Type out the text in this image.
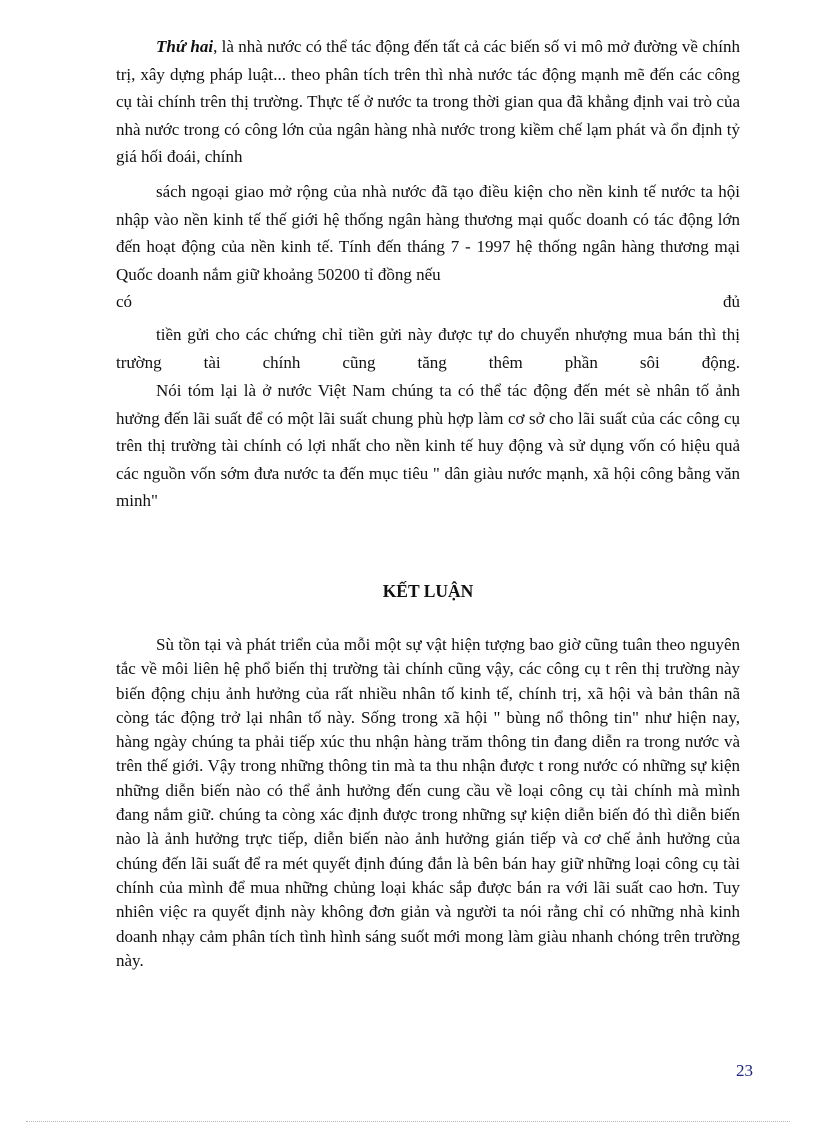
Thứ hai, là nhà nước có thể tác động đến tất cả các biến số vi mô mở đường về chính trị, xây dựng pháp luật... theo phân tích trên thì nhà nước tác động mạnh mẽ đến các công cụ tài chính trên thị trường. Thực tế ở nước ta trong thời gian qua đã khẳng định vai trò của nhà nước trong có công lớn của ngân hàng nhà nước trong kiềm chế lạm phát và ổn định tỷ giá hối đoái, chính

sách ngoại giao mở rộng của nhà nước đã tạo điều kiện cho nền kinh tế nước ta hội nhập vào nền kinh tế thế giới hệ thống ngân hàng thương mại quốc doanh có tác động lớn đến hoạt động của nền kinh tế. Tính đến tháng 7 - 1997 hệ thống ngân hàng thương mại Quốc doanh nắm giữ khoảng 50200 tỉ đồng nếu

có đủ

tiền gửi cho các chứng chỉ tiền gửi này được tự do chuyển nhượng mua bán thì thị trường tài chính cũng tăng thêm phần sôi động.

Nói tóm lại là ở nước Việt Nam chúng ta có thể tác động đến mét sè nhân tố ảnh hưởng đến lãi suất để có một lãi suất chung phù hợp làm cơ sở cho lãi suất của các công cụ trên thị trường tài chính có lợi nhất cho nền kinh tế huy động và sử dụng vốn có hiệu quả các nguồn vốn sớm đưa nước ta đến mục tiêu " dân giàu nước mạnh, xã hội công bằng văn minh"

KẾT LUẬN

Sù tồn tại và phát triển của mỗi một sự vật hiện tượng bao giờ cũng tuân theo nguyên tắc về môi liên hệ phổ biến thị trường tài chính cũng vậy, các công cụ t rên thị trường này biến động chịu ảnh hưởng của rất nhiều nhân tố kinh tế, chính trị, xã hội và bản thân nã còng tác động trở lại nhân tố này. Sống trong xã hội " bùng nổ thông tin" như hiện nay, hàng ngày chúng ta phải tiếp xúc thu nhận hàng trăm thông tin đang diễn ra trong nước và trên thế giới. Vậy trong những thông tin mà ta thu nhận được t rong nước có những sự kiện những diễn biến nào có thể ảnh hưởng đến cung cầu về loại công cụ tài chính mà mình đang nắm giữ. chúng ta còng xác định được trong những sự kiện diễn biến đó thì diễn biến nào là ảnh hưởng trực tiếp, diễn biến nào ảnh hưởng gián tiếp và cơ chế ảnh hưởng của chúng đến lãi suất để ra mét quyết định đúng đắn là bên bán hay giữ những loại công cụ tài chính của mình để mua những chủng loại khác sắp được bán ra với lãi suất cao hơn. Tuy nhiên việc ra quyết định này không đơn giản và người ta nói rằng chỉ có những nhà kinh doanh nhạy cảm phân tích tình hình sáng suốt mới mong làm giàu nhanh chóng trên trường này.

23
